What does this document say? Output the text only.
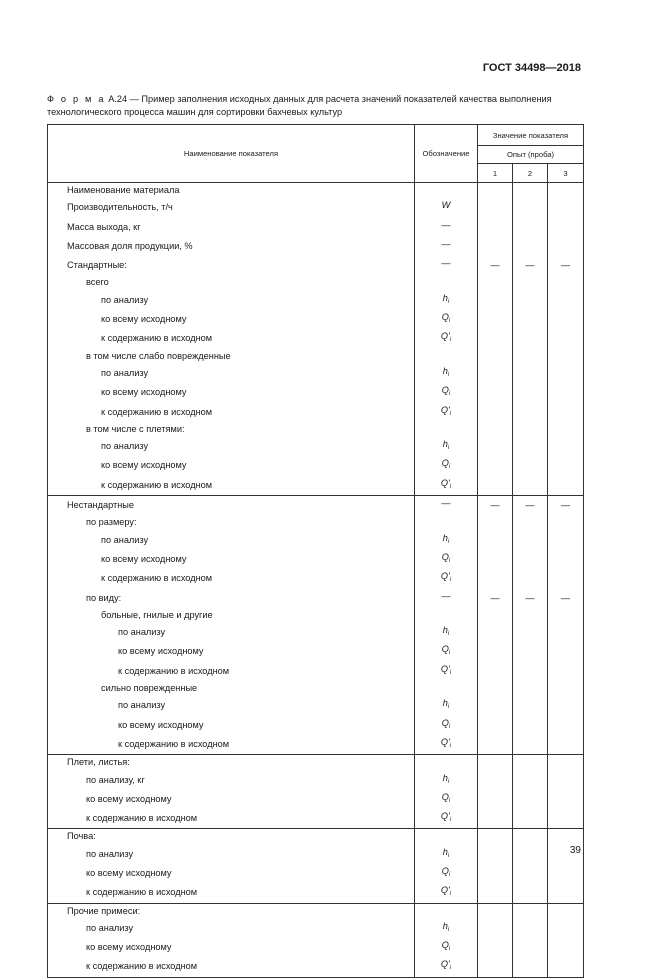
ГОСТ 34498—2018
Ф о р м а А.24 — Пример заполнения исходных данных для расчета значений показателей качества выполнения технологического процесса машин для сортировки бахчевых культур
Наименование показателя	Обозначение	Значение показателя		
		Опыт (проба)		
		1	2	3
Наименование материала				
Производительность, т/ч	W			
Масса выхода, кг	—			
Массовая доля продукции, %	—			
Стандартные:	—	—	—	—
всего				
по анализу	$h_i$			
ко всему исходному	$Q_i$			
к содержанию в исходном	$Q'_i$			
в том числе слабо поврежденные				
по анализу	$h_i$			
ко всему исходному	$Q_i$			
к содержанию в исходном	$Q'_i$			
в том числе с плетями:				
по анализу	$h_i$			
ко всему исходному	$Q_i$			
к содержанию в исходном	$Q'_i$			
Нестандартные	—	—	—	—
по размеру:				
по анализу	$h_i$			
ко всему исходному	$Q_i$			
к содержанию в исходном	$Q'_i$			
по виду:	—	—	—	—
больные, гнилые и другие				
по анализу	$h_i$			
ко всему исходному	$Q_i$			
к содержанию в исходном	$Q'_i$			
сильно поврежденные				
по анализу	$h_i$			
ко всему исходному	$Q_i$			
к содержанию в исходном	$Q'_i$			
Плети, листья:				
по анализу, кг	$h_i$			
ко всему исходному	$Q_i$			
к содержанию в исходном	$Q'_i$			
Почва:				
по анализу	$h_i$			
ко всему исходному	$Q_i$			
к содержанию в исходном	$Q'_i$			
Прочие примеси:				
по анализу	$h_i$			
ко всему исходному	$Q_i$			
к содержанию в исходном	$Q'_i$			
39
